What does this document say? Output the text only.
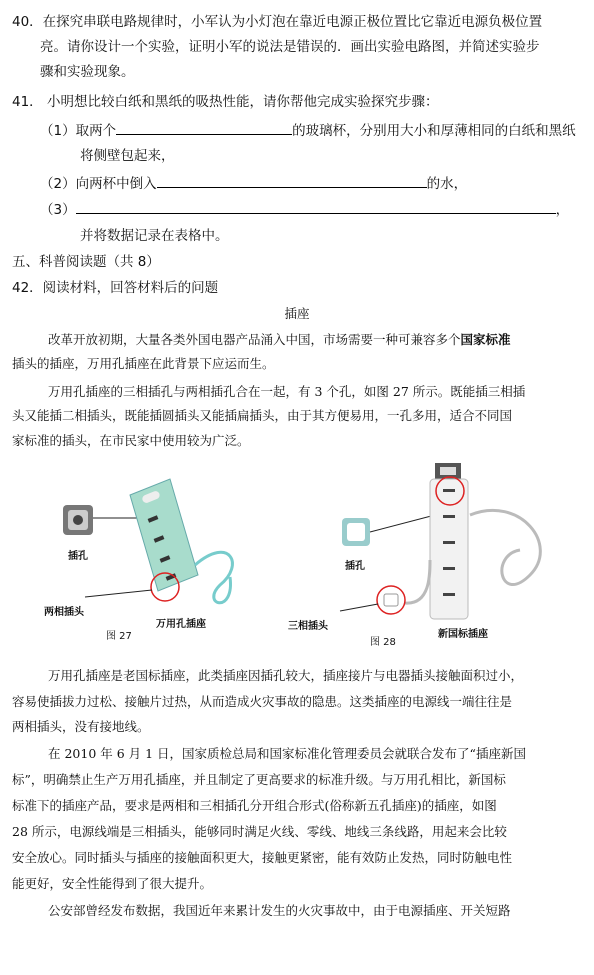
40．在探究串联电路规律时，小军认为小灯泡在靠近电源正极位置比它靠近电源负极位置
亮。请你设计一个实验，证明小军的说法是错误的．画出实验电路图，并简述实验步
骤和实验现象。
41． 小明想比较白纸和黑纸的吸热性能，请你帮他完成实验探究步骤：
（1）取两个	的玻璃杯，分别用大小和厚薄相同的白纸和黑纸
将侧壁包起来，
（2）向两杯中倒入	的水，
（3）	，
并将数据记录在表格中。
五、科普阅读题（共 8）
42．阅读材料，回答材料后的问题
插座
改革开放初期，大量各类外国电器产品涌入中国，市场需要一种可兼容多个国家标准
插头的插座，万用孔插座在此背景下应运而生。
万用孔插座的三相插孔与两相插孔合在一起，有 3 个孔，如图 27 所示。既能插三相插
头又能插二相插头，既能插圆插头又能插扁插头，由于其方便易用，一孔多用，适合不同国
家标准的插头，在市民家中使用较为广泛。
插孔
两相插头
图 27
万用孔插座
插孔
三相插头
图 28
新国标插座
万用孔插座是老国标插座，此类插座因插孔较大，插座接片与电器插头接触面积过小，
容易使插拔力过松、接触片过热，从而造成火灾事故的隐患。这类插座的电源线一端往往是
两相插头，没有接地线。
在 2010 年 6 月 1 日，国家质检总局和国家标准化管理委员会就联合发布了“插座新国
标”，明确禁止生产万用孔插座，并且制定了更高要求的标准升级。与万用孔相比，新国标
标准下的插座产品，要求是两相和三相插孔分开组合形式(俗称新五孔插座)的插座，如图
28 所示，电源线端是三相插头，能够同时满足火线、零线、地线三条线路，用起来会比较
安全放心。同时插头与插座的接触面积更大，接触更紧密，能有效防止发热，同时防触电性
能更好，安全性能得到了很大提升。
公安部曾经发布数据，我国近年来累计发生的火灾事故中，由于电源插座、开关短路
